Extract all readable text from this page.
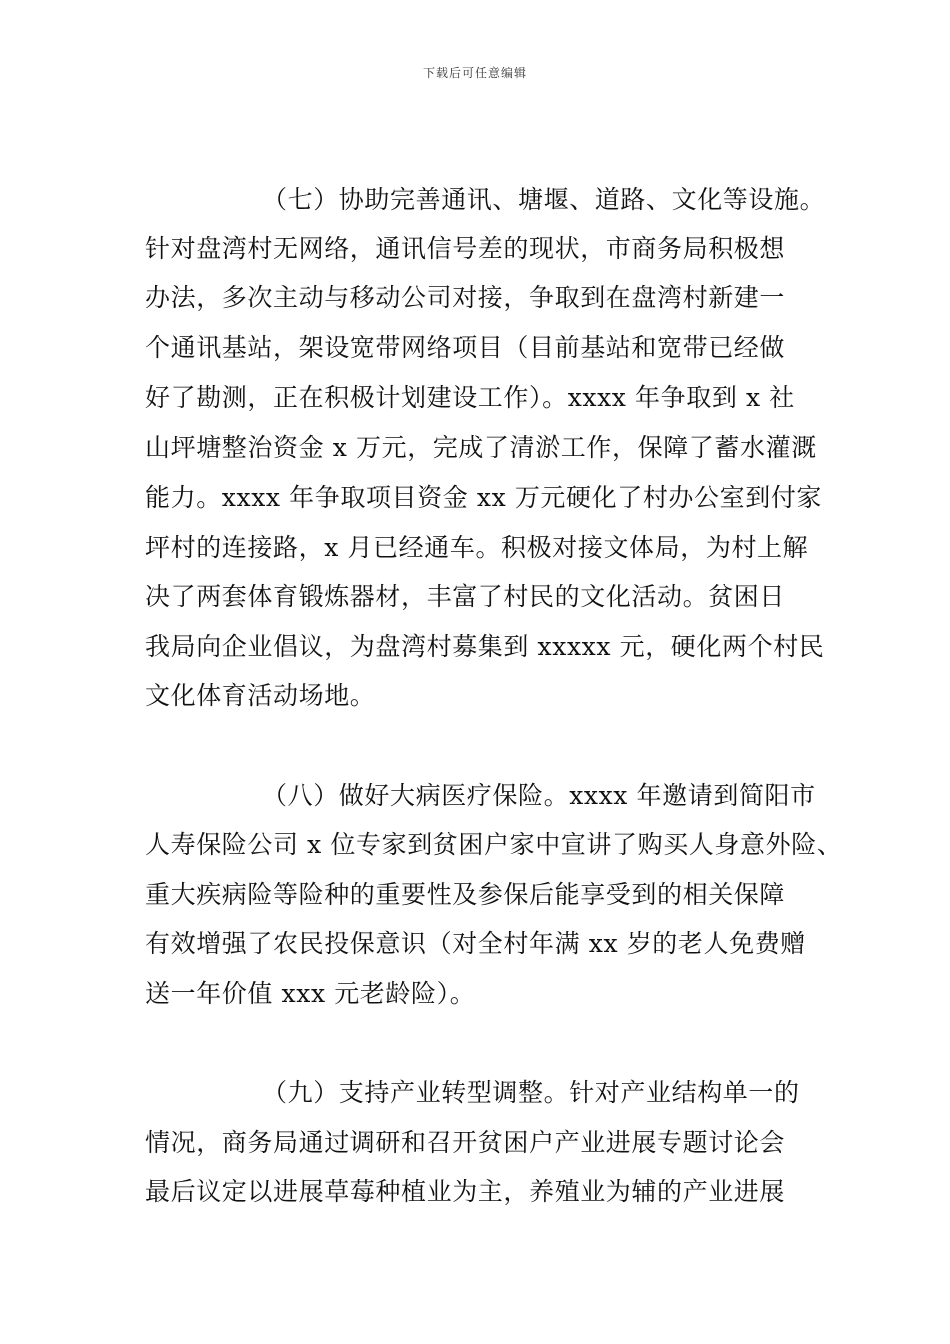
下载后可任意编辑
（七）协助完善通讯、塘堰、道路、文化等设施。
针对盘湾村无网络，通讯信号差的现状，市商务局积极想
办法，多次主动与移动公司对接，争取到在盘湾村新建一
个通讯基站，架设宽带网络项目（目前基站和宽带已经做
好了勘测，正在积极计划建设工作）。xxxx 年争取到 x 社
山坪塘整治资金 x 万元，完成了清淤工作，保障了蓄水灌溉
能力。xxxx 年争取项目资金 xx 万元硬化了村办公室到付家
坪村的连接路，x 月已经通车。积极对接文体局，为村上解
决了两套体育锻炼器材，丰富了村民的文化活动。贫困日
我局向企业倡议，为盘湾村募集到 xxxxx 元，硬化两个村民
文化体育活动场地。
（八）做好大病医疗保险。xxxx 年邀请到简阳市
人寿保险公司 x 位专家到贫困户家中宣讲了购买人身意外险、
重大疾病险等险种的重要性及参保后能享受到的相关保障
有效增强了农民投保意识（对全村年满 xx 岁的老人免费赠
送一年价值 xxx 元老龄险）。
（九）支持产业转型调整。针对产业结构单一的
情况，商务局通过调研和召开贫困户产业进展专题讨论会
最后议定以进展草莓种植业为主，养殖业为辅的产业进展
